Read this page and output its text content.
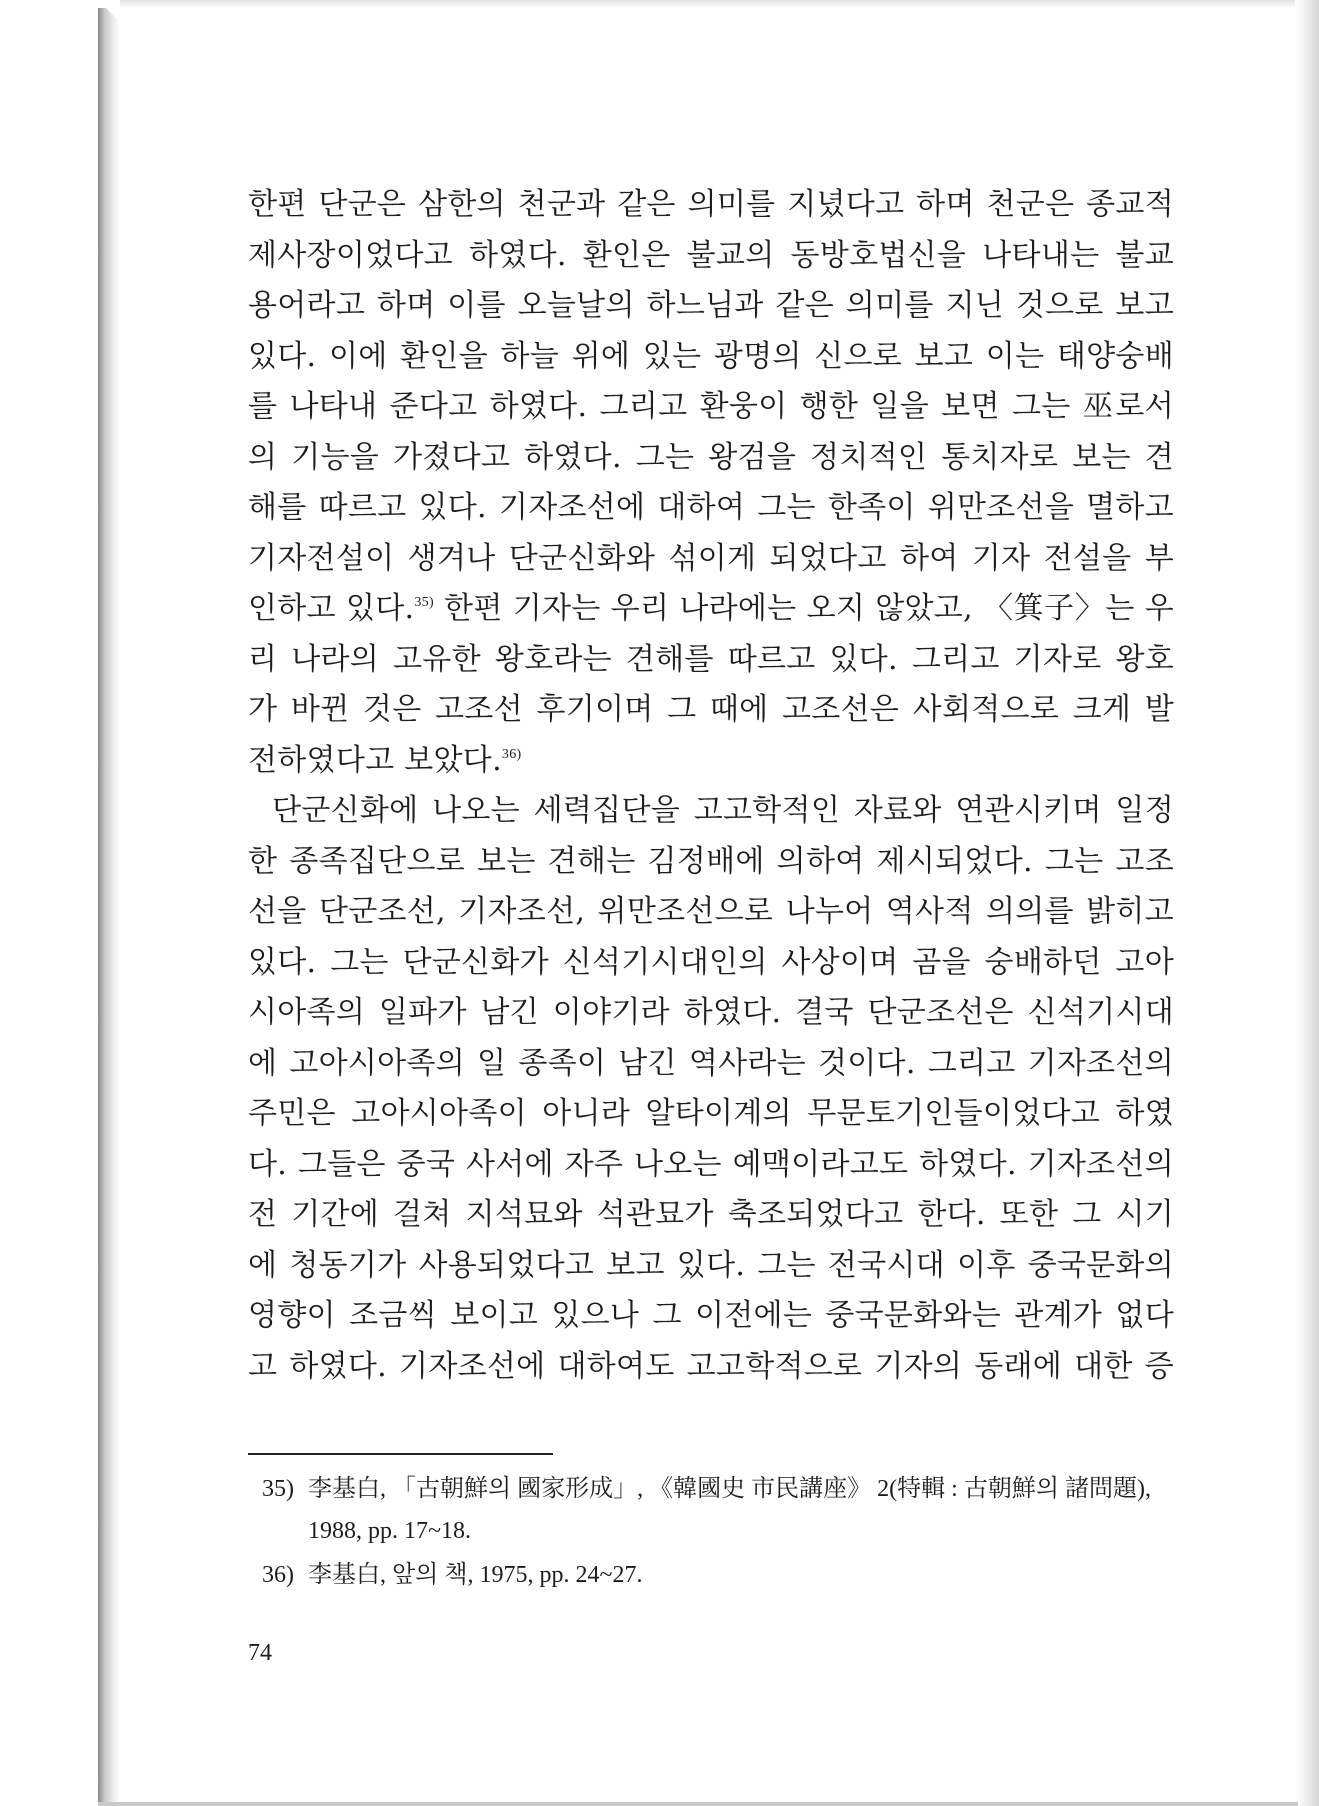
한편 단군은 삼한의 천군과 같은 의미를 지녔다고 하며 천군은 종교적
제사장이었다고 하였다. 환인은 불교의 동방호법신을 나타내는 불교
용어라고 하며 이를 오늘날의 하느님과 같은 의미를 지닌 것으로 보고
있다. 이에 환인을 하늘 위에 있는 광명의 신으로 보고 이는 태양숭배
를 나타내 준다고 하였다. 그리고 환웅이 행한 일을 보면 그는 巫로서
의 기능을 가졌다고 하였다. 그는 왕검을 정치적인 통치자로 보는 견
해를 따르고 있다. 기자조선에 대하여 그는 한족이 위만조선을 멸하고
기자전설이 생겨나 단군신화와 섞이게 되었다고 하여 기자 전설을 부
인하고 있다.$^{35)}$ 한편 기자는 우리 나라에는 오지 않았고, 〈箕子〉는 우
리 나라의 고유한 왕호라는 견해를 따르고 있다. 그리고 기자로 왕호
가 바뀐 것은 고조선 후기이며 그 때에 고조선은 사회적으로 크게 발
전하였다고 보았다.$^{36)}$
단군신화에 나오는 세력집단을 고고학적인 자료와 연관시키며 일정
한 종족집단으로 보는 견해는 김정배에 의하여 제시되었다. 그는 고조
선을 단군조선, 기자조선, 위만조선으로 나누어 역사적 의의를 밝히고
있다. 그는 단군신화가 신석기시대인의 사상이며 곰을 숭배하던 고아
시아족의 일파가 남긴 이야기라 하였다. 결국 단군조선은 신석기시대
에 고아시아족의 일 종족이 남긴 역사라는 것이다. 그리고 기자조선의
주민은 고아시아족이 아니라 알타이계의 무문토기인들이었다고 하였
다. 그들은 중국 사서에 자주 나오는 예맥이라고도 하였다. 기자조선의
전 기간에 걸쳐 지석묘와 석관묘가 축조되었다고 한다. 또한 그 시기
에 청동기가 사용되었다고 보고 있다. 그는 전국시대 이후 중국문화의
영향이 조금씩 보이고 있으나 그 이전에는 중국문화와는 관계가 없다
고 하였다. 기자조선에 대하여도 고고학적으로 기자의 동래에 대한 증
35) 李基白, 「古朝鮮의 國家形成」, 《韓國史 市民講座》 2(特輯 : 古朝鮮의 諸問題),
1988, pp. 17~18.
36) 李基白, 앞의 책, 1975, pp. 24~27.
74
